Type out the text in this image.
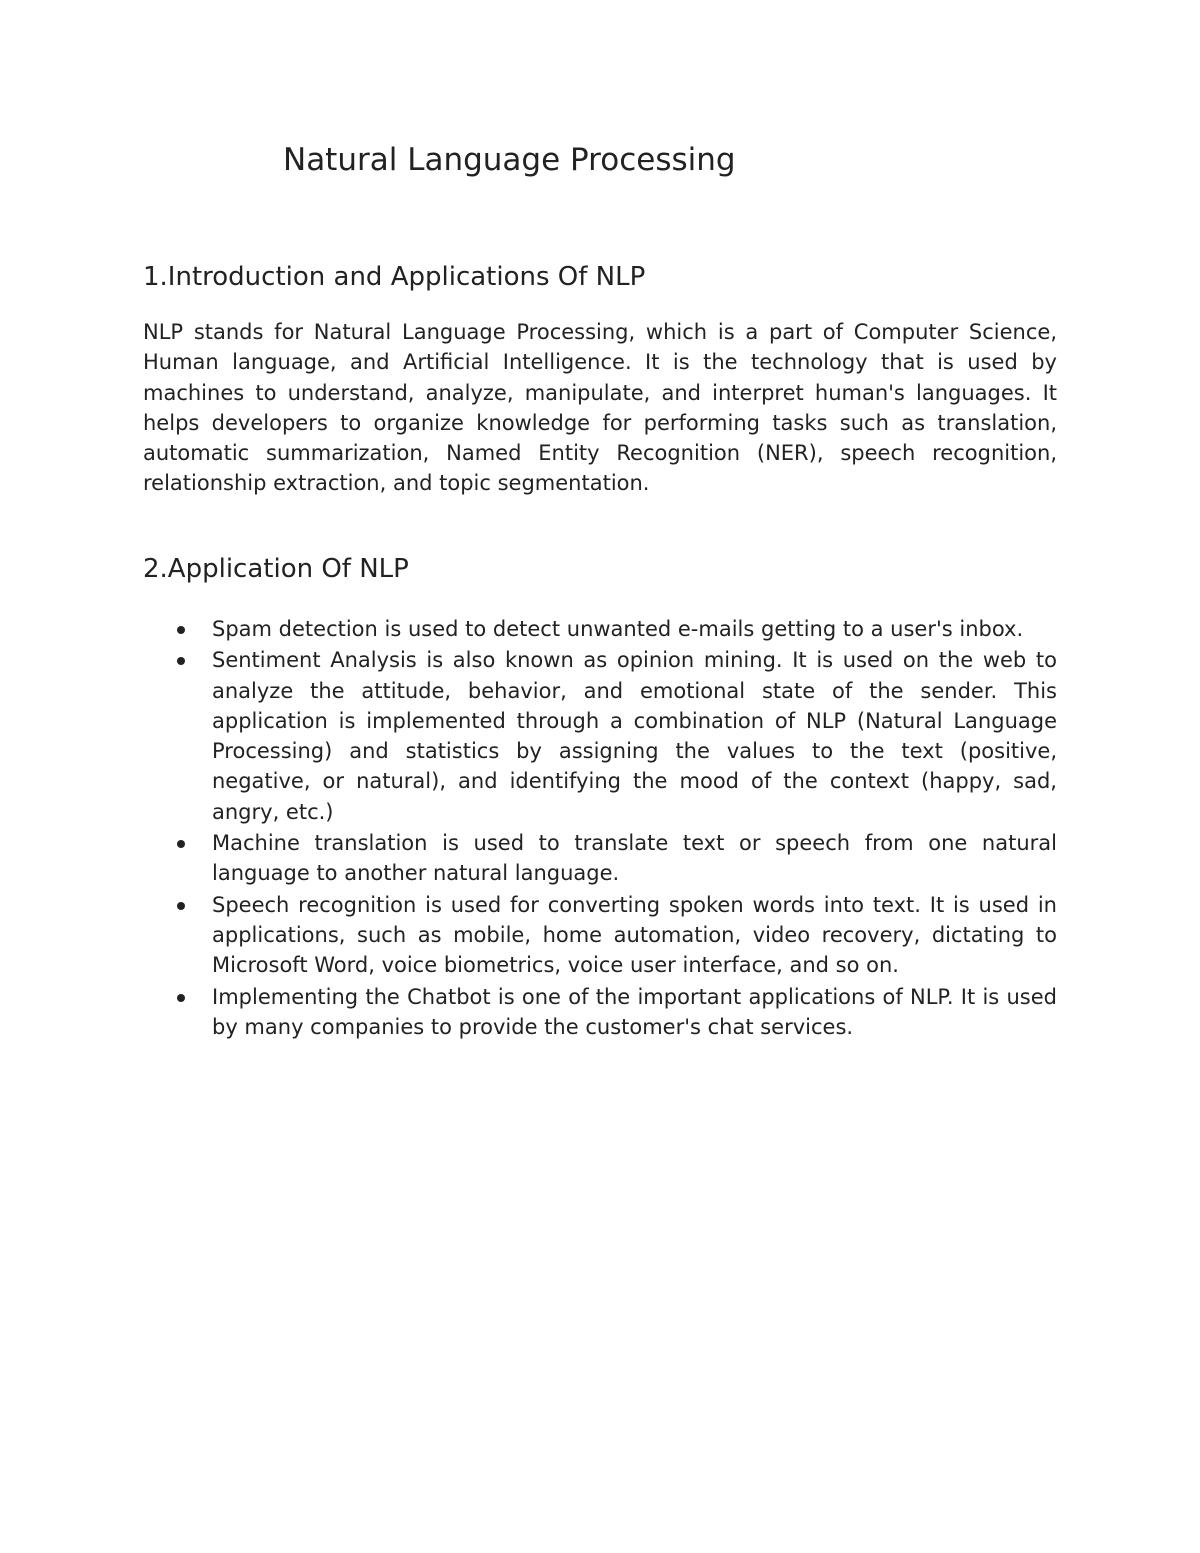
Natural Language Processing
1.Introduction and Applications Of NLP

NLP stands for Natural Language Processing, which is a part of Computer Science, Human language, and Artificial Intelligence. It is the technology that is used by machines to understand, analyze, manipulate, and interpret human's languages. It helps developers to organize knowledge for performing tasks such as translation, automatic summarization, Named Entity Recognition (NER), speech recognition, relationship extraction, and topic segmentation.

2.Application Of NLP
Spam detection is used to detect unwanted e-mails getting to a user's inbox.
Sentiment Analysis is also known as opinion mining. It is used on the web to analyze the attitude, behavior, and emotional state of the sender. This application is implemented through a combination of NLP (Natural Language Processing) and statistics by assigning the values to the text (positive, negative, or natural), and identifying the mood of the context (happy, sad, angry, etc.)
Machine translation is used to translate text or speech from one natural language to another natural language.
Speech recognition is used for converting spoken words into text. It is used in applications, such as mobile, home automation, video recovery, dictating to Microsoft Word, voice biometrics, voice user interface, and so on.
Implementing the Chatbot is one of the important applications of NLP. It is used by many companies to provide the customer's chat services.
